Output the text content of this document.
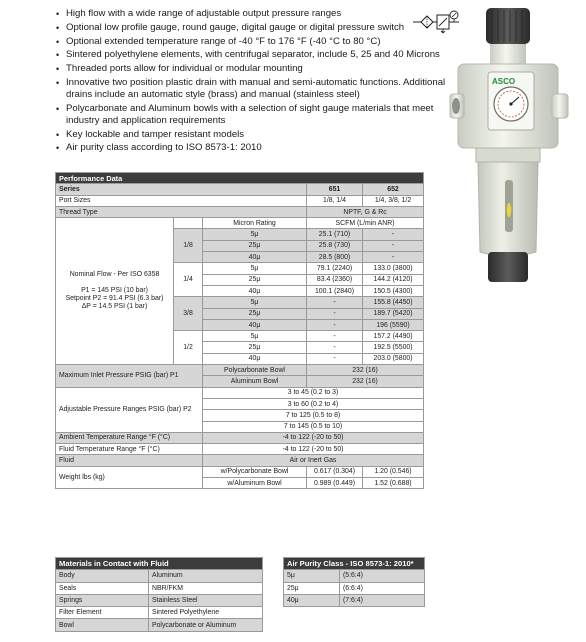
• High flow with a wide range of adjustable output pressure ranges
• Optional low profile gauge, round gauge, digital gauge or digital pressure switch
• Optional extended temperature range of -40 °F to 176 °F (-40 °C to 80 °C)
• Sintered polyethylene elements, with centrifugal separator, include 5, 25 and 40 Microns
• Threaded ports allow for individual or modular mounting
• Innovative two position plastic drain with manual and semi-automatic functions. Additional drains include an automatic style (brass) and manual (stainless steel)
• Polycarbonate and Aluminum bowls with a selection of sight gauge materials that meet industry and application requirements
• Key lockable and tamper resistant models
• Air purity class according to ISO 8573-1: 2010
ASCO
Performance Data				
Series			651	652
Port Sizes			1/8, 1/4	1/4, 3/8, 1/2
Thread Type			NPTF, G & Rc	

Nominal Flow - Per ISO 6358
P1 = 145 PSI (10 bar)
Setpoint P2 = 91.4 PSI (6.3 bar)
ΔP = 14.5 PSI (1 bar)		Micron Rating	SCFM (L/min ANR)	
	1/8	5μ	25.1 (710)	-
		25μ	25.8 (730)	-
		40μ	28.5 (800)	-
	1/4	5μ	79.1 (2240)	133.0 (3800)
		25μ	83.4 (2360)	144.2 (4120)
		40μ	100.1 (2840)	150.5 (4300)
	3/8	5μ	-	155.8 (4450)
		25μ	-	189.7 (5420)
		40μ	-	196 (5590)
	1/2	5μ	-	157.2 (4490)
		25μ	-	192.5 (5500)
		40μ	-	203.0 (5800)
Maximum Inlet Pressure PSIG (bar) P1		Polycarbonate Bowl	232 (16)	
		Aluminum Bowl	232 (16)	
Adjustable Pressure Ranges PSIG (bar) P2		3 to 45 (0.2 to 3)		
		3 to 60 (0.2 to 4)		
		7 to 125 (0.5 to 8)		
		7 to 145 (0.5 to 10)		
Ambient Temperature Range °F (°C)		-4 to 122 (-20 to 50)		
Fluid Temperature Range °F (°C)		-4 to 122 (-20 to 50)		
Fluid		Air or Inert Gas		
Weight lbs (kg)		w/Polycarbonate Bowl	0.617 (0.304)	1.20 (0.546)
		w/Aluminum Bowl	0.989 (0.449)	1.52 (0.688)
Materials in Contact with Fluid	
Body	Aluminum
Seals	NBR/FKM
Springs	Stainless Steel
Filter Element	Sintered Polyethylene
Bowl	Polycarbonate or Aluminum
Air Purity Class - ISO 8573-1: 2010*	
5μ	(5:6:4)
25μ	(6:6:4)
40μ	(7:6:4)
